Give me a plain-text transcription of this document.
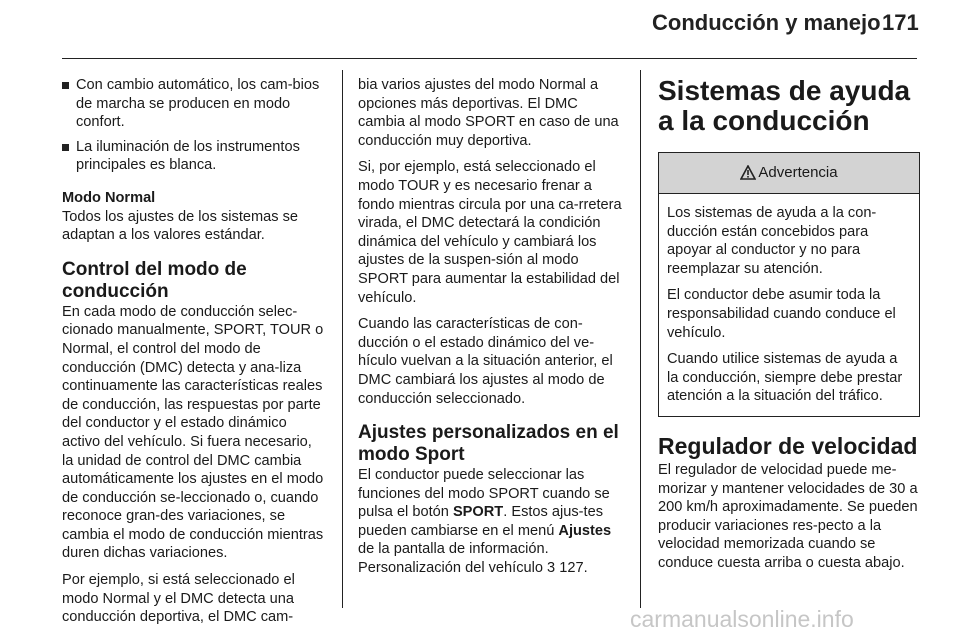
Conducción y manejo 171
Con cambio automático, los cam-bios de marcha se producen en modo confort.
La iluminación de los instrumentos principales es blanca.
Modo Normal
Todos los ajustes de los sistemas se adaptan a los valores estándar.
Control del modo de conducción
En cada modo de conducción selec-cionado manualmente, SPORT, TOUR o Normal, el control del modo de conducción (DMC) detecta y ana-liza continuamente las características reales de conducción, las respuestas por parte del conductor y el estado dinámico activo del vehículo. Si fuera necesario, la unidad de control del DMC cambia automáticamente los ajustes en el modo de conducción se-leccionado o, cuando reconoce gran-des variaciones, se cambia el modo de conducción mientras duren dichas variaciones.
Por ejemplo, si está seleccionado el modo Normal y el DMC detecta una conducción deportiva, el DMC cam-
bia varios ajustes del modo Normal a opciones más deportivas. El DMC cambia al modo SPORT en caso de una conducción muy deportiva.
Si, por ejemplo, está seleccionado el modo TOUR y es necesario frenar a fondo mientras circula por una ca-rretera virada, el DMC detectará la condición dinámica del vehículo y cambiará los ajustes de la suspen-sión al modo SPORT para aumentar la estabilidad del vehículo.
Cuando las características de con-ducción o el estado dinámico del ve-hículo vuelvan a la situación anterior, el DMC cambiará los ajustes al modo de conducción seleccionado.
Ajustes personalizados en el modo Sport
El conductor puede seleccionar las funciones del modo SPORT cuando se pulsa el botón SPORT. Estos ajus-tes pueden cambiarse en el menú Ajustes de la pantalla de información. Personalización del vehículo 3 127.
Sistemas de ayuda a la conducción
Advertencia
Los sistemas de ayuda a la con-ducción están concebidos para apoyar al conductor y no para reemplazar su atención.
El conductor debe asumir toda la responsabilidad cuando conduce el vehículo.
Cuando utilice sistemas de ayuda a la conducción, siempre debe prestar atención a la situación del tráfico.
Regulador de velocidad
El regulador de velocidad puede me-morizar y mantener velocidades de 30 a 200 km/h aproximadamente. Se pueden producir variaciones res-pecto a la velocidad memorizada cuando se conduce cuesta arriba o cuesta abajo.
carmanualsonline.info
